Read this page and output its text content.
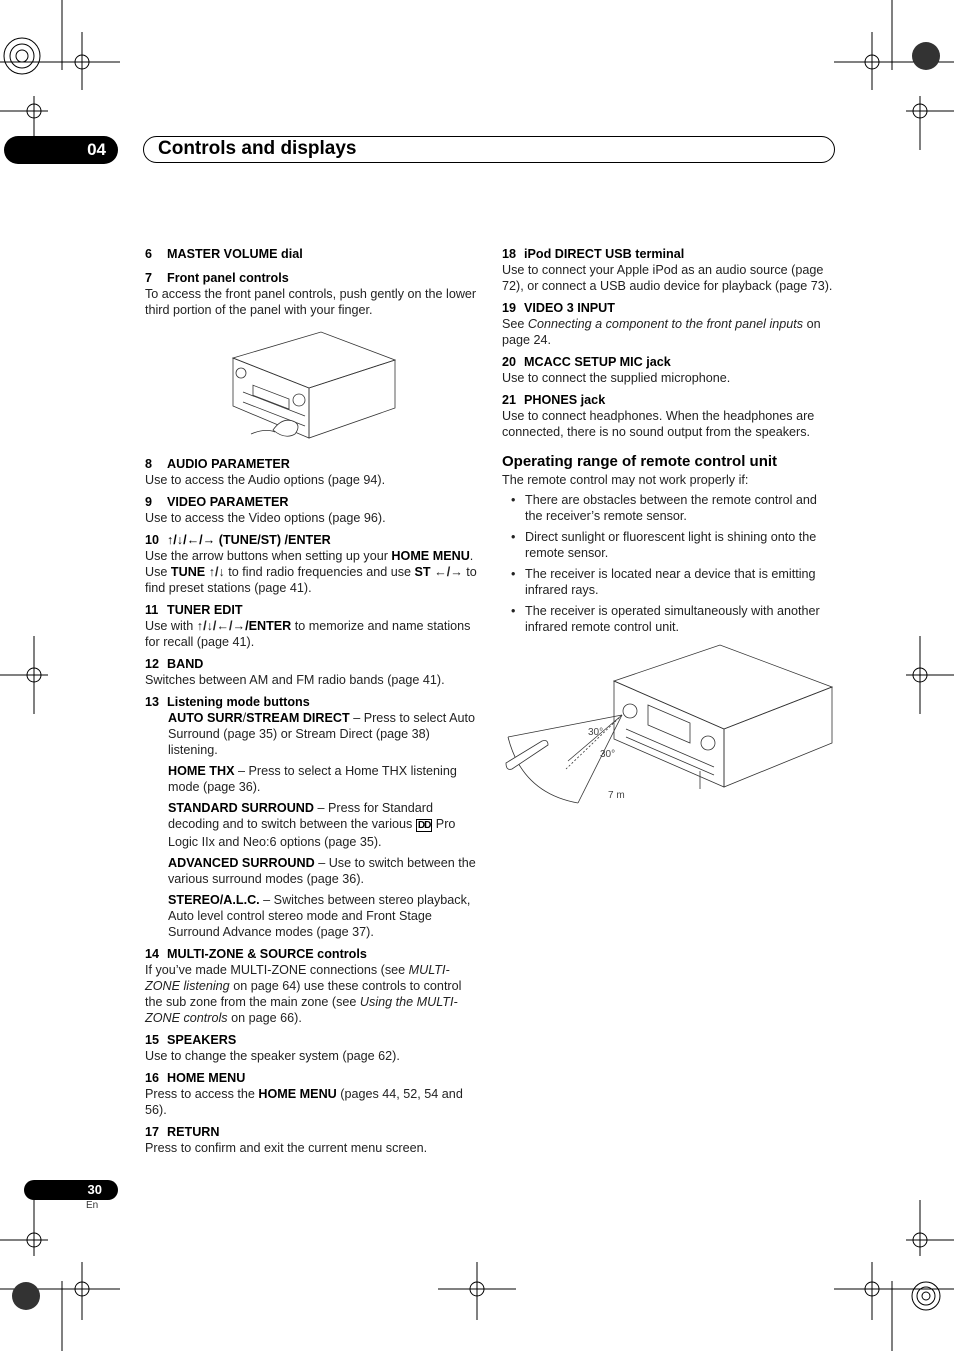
04	Controls and displays
6 MASTER VOLUME dial
7 Front panel controls
To access the front panel controls, push gently on the lower third portion of the panel with your finger.
8 AUDIO PARAMETER
Use to access the Audio options (page 94).
9 VIDEO PARAMETER
Use to access the Video options (page 96).
10 ↑/↓/←/→ (TUNE/ST) /ENTER
Use the arrow buttons when setting up your HOME MENU. Use TUNE ↑/↓ to find radio frequencies and use ST ←/→ to find preset stations (page 41).
11 TUNER EDIT
Use with ↑/↓/←/→/ENTER to memorize and name stations for recall (page 41).
12 BAND
Switches between AM and FM radio bands (page 41).
13 Listening mode buttons
AUTO SURR/STREAM DIRECT – Press to select Auto Surround (page 35) or Stream Direct (page 38) listening.
HOME THX – Press to select a Home THX listening mode (page 36).
STANDARD SURROUND – Press for Standard decoding and to switch between the various DD Pro Logic IIx and Neo:6 options (page 35).
ADVANCED SURROUND – Use to switch between the various surround modes (page 36).
STEREO/A.L.C. – Switches between stereo playback, Auto level control stereo mode and Front Stage Surround Advance modes (page 37).
14 MULTI-ZONE & SOURCE controls
If you’ve made MULTI-ZONE connections (see MULTI-ZONE listening on page 64) use these controls to control the sub zone from the main zone (see Using the MULTI-ZONE controls on page 66).
15 SPEAKERS
Use to change the speaker system (page 62).
16 HOME MENU
Press to access the HOME MENU (pages 44, 52, 54 and 56).
17 RETURN
Press to confirm and exit the current menu screen.
18 iPod DIRECT USB terminal
Use to connect your Apple iPod as an audio source (page 72), or connect a USB audio device for playback (page 73).
19 VIDEO 3 INPUT
See Connecting a component to the front panel inputs on page 24.
20 MCACC SETUP MIC jack
Use to connect the supplied microphone.
21 PHONES jack
Use to connect headphones. When the headphones are connected, there is no sound output from the speakers.
Operating range of remote control unit
The remote control may not work properly if:
• There are obstacles between the remote control and the receiver’s remote sensor.
• Direct sunlight or fluorescent light is shining onto the remote sensor.
• The receiver is located near a device that is emitting infrared rays.
• The receiver is operated simultaneously with another infrared remote control unit.
30°
30°
7 m
30
En
